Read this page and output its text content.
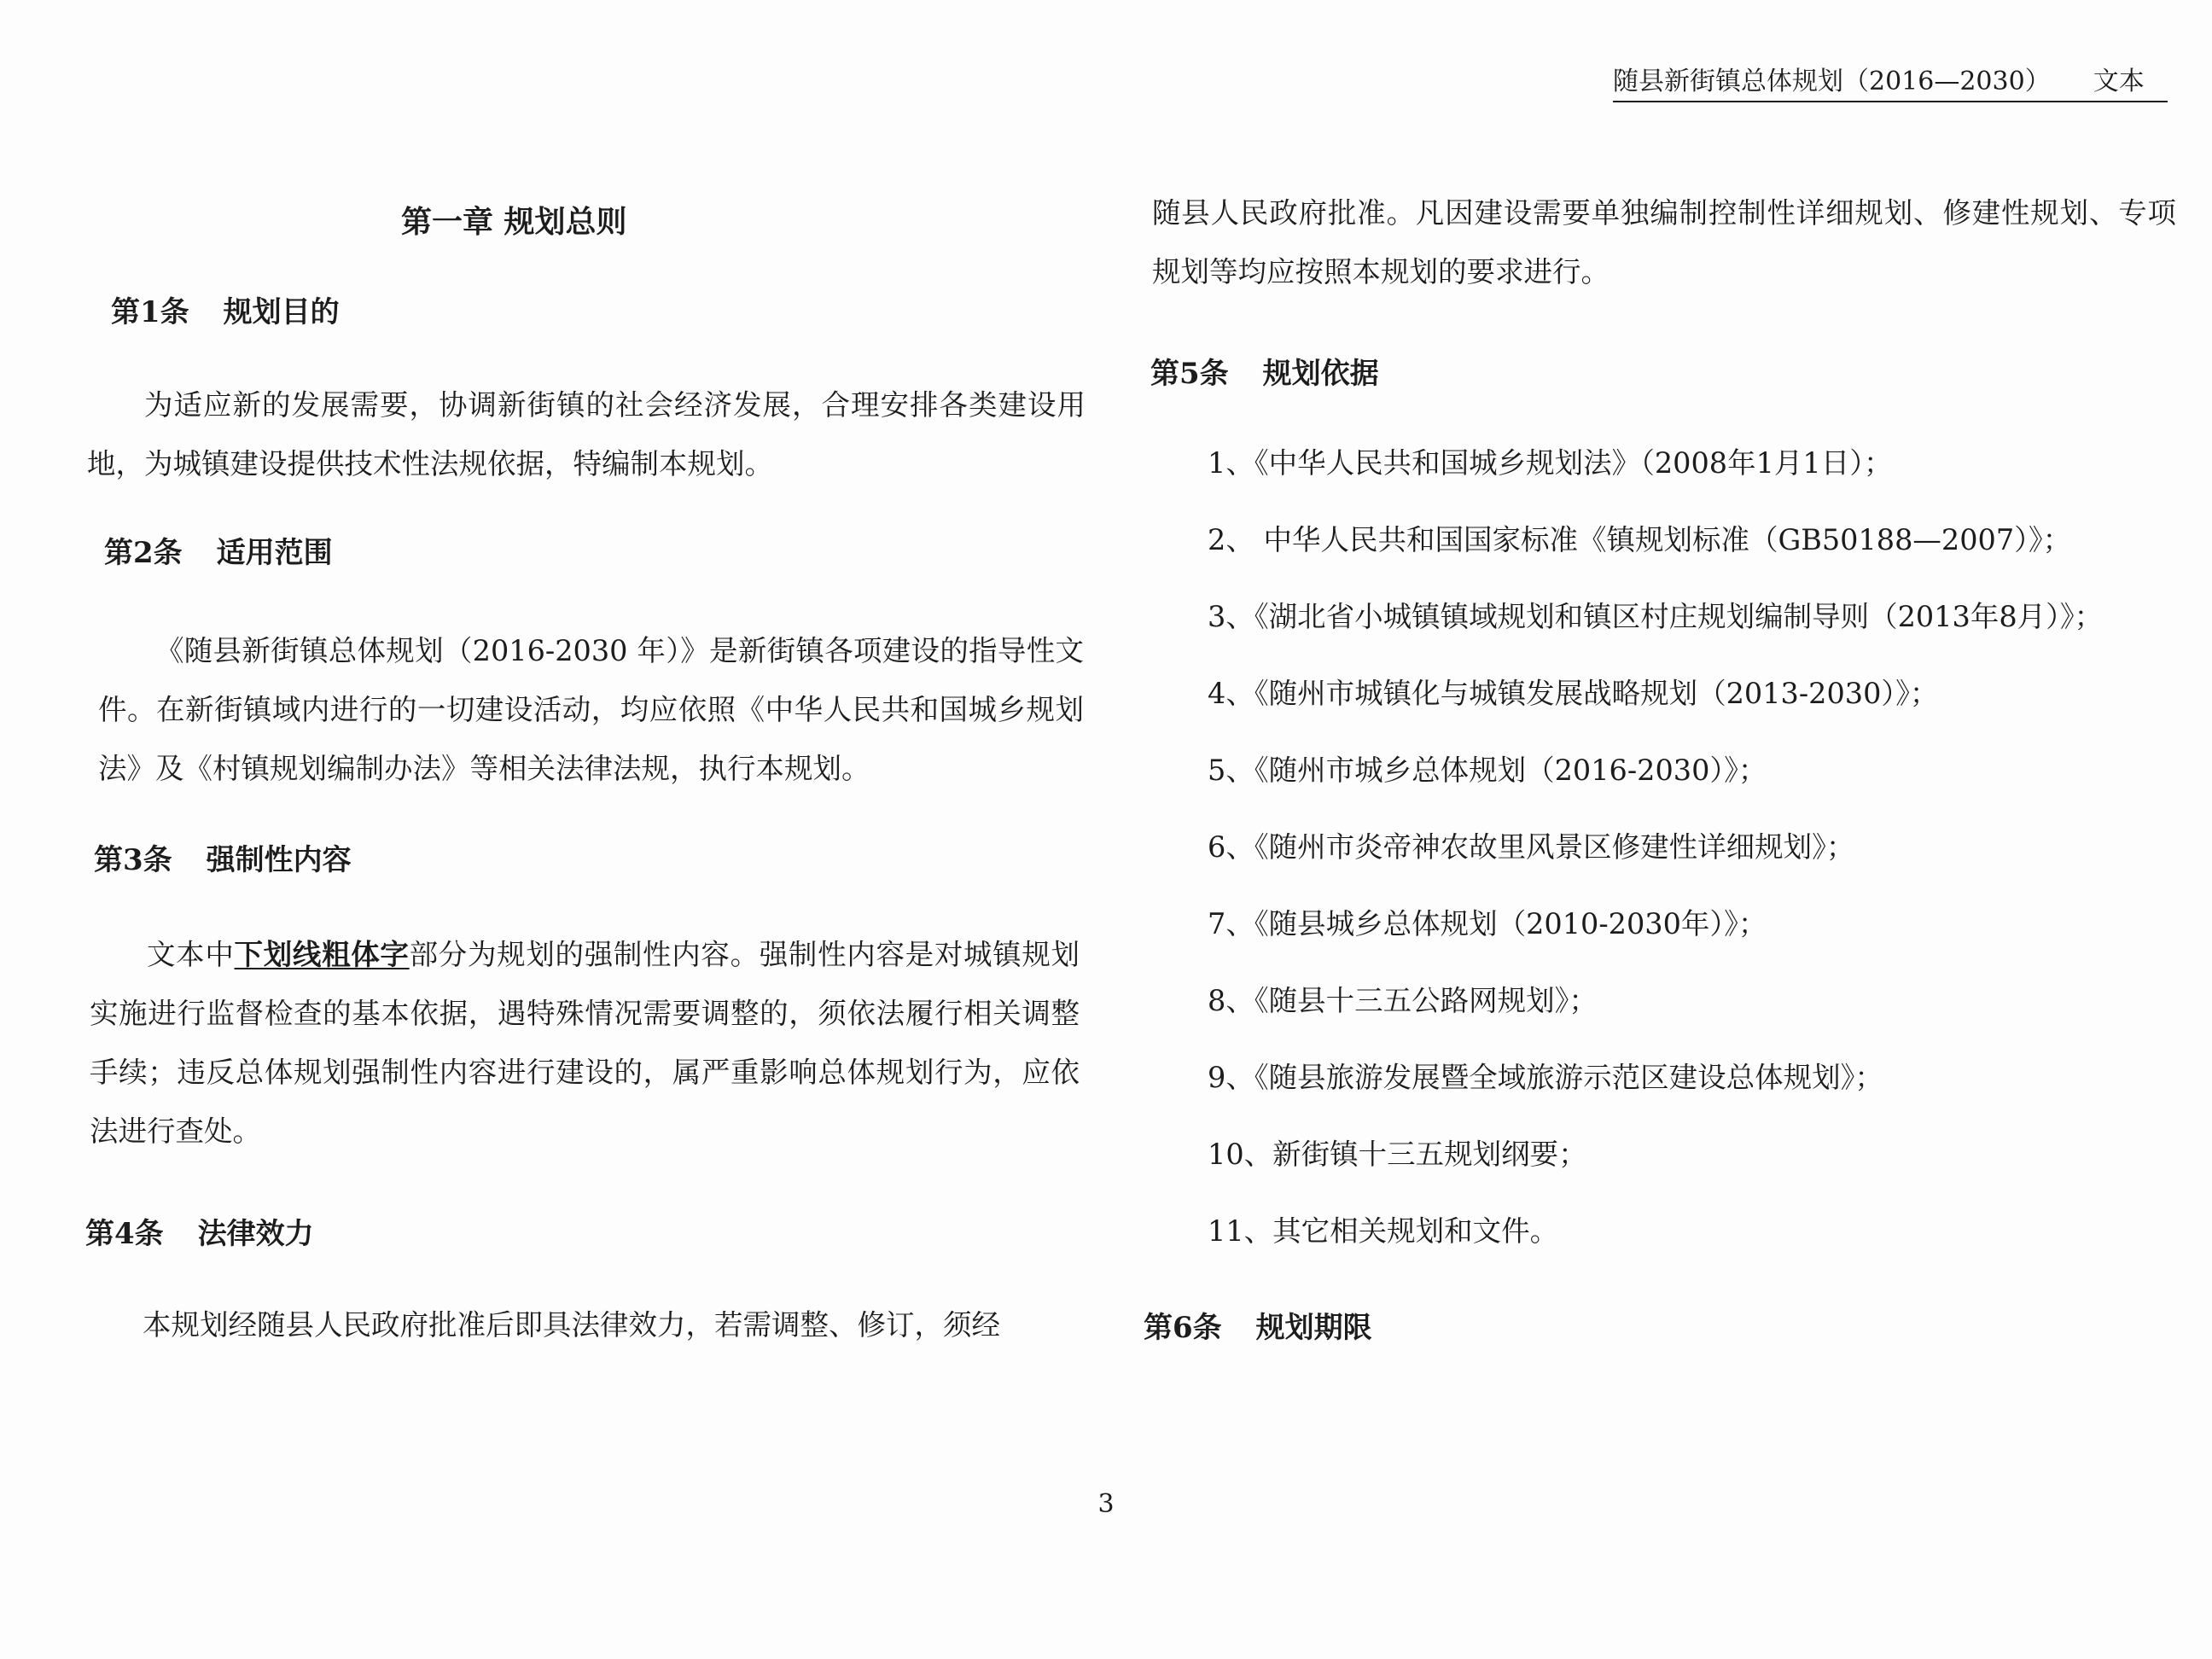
随县新街镇总体规划（2016—2030） 文本
第一章 规划总则
第1条 规划目的
为适应新的发展需要，协调新街镇的社会经济发展，合理安排各类建设用地，为城镇建设提供技术性法规依据，特编制本规划。
第2条 适用范围
《随县新街镇总体规划（2016-2030 年）》是新街镇各项建设的指导性文件。在新街镇域内进行的一切建设活动，均应依照《中华人民共和国城乡规划法》及《村镇规划编制办法》等相关法律法规，执行本规划。
第3条 强制性内容
文本中下划线粗体字部分为规划的强制性内容。强制性内容是对城镇规划实施进行监督检查的基本依据，遇特殊情况需要调整的，须依法履行相关调整手续；违反总体规划强制性内容进行建设的，属严重影响总体规划行为，应依法进行查处。
第4条 法律效力
本规划经随县人民政府批准后即具法律效力，若需调整、修订，须经
随县人民政府批准。凡因建设需要单独编制控制性详细规划、修建性规划、专项规划等均应按照本规划的要求进行。
第5条 规划依据
1、《中华人民共和国城乡规划法》（2008年1月1日）；
2、 中华人民共和国国家标准《镇规划标准（GB50188—2007）》；
3、《湖北省小城镇镇域规划和镇区村庄规划编制导则（2013年8月）》；
4、《随州市城镇化与城镇发展战略规划（2013-2030）》；
5、《随州市城乡总体规划（2016-2030）》；
6、《随州市炎帝神农故里风景区修建性详细规划》；
7、《随县城乡总体规划（2010-2030年）》；
8、《随县十三五公路网规划》；
9、《随县旅游发展暨全域旅游示范区建设总体规划》；
10、新街镇十三五规划纲要；
11、其它相关规划和文件。
第6条 规划期限
3
